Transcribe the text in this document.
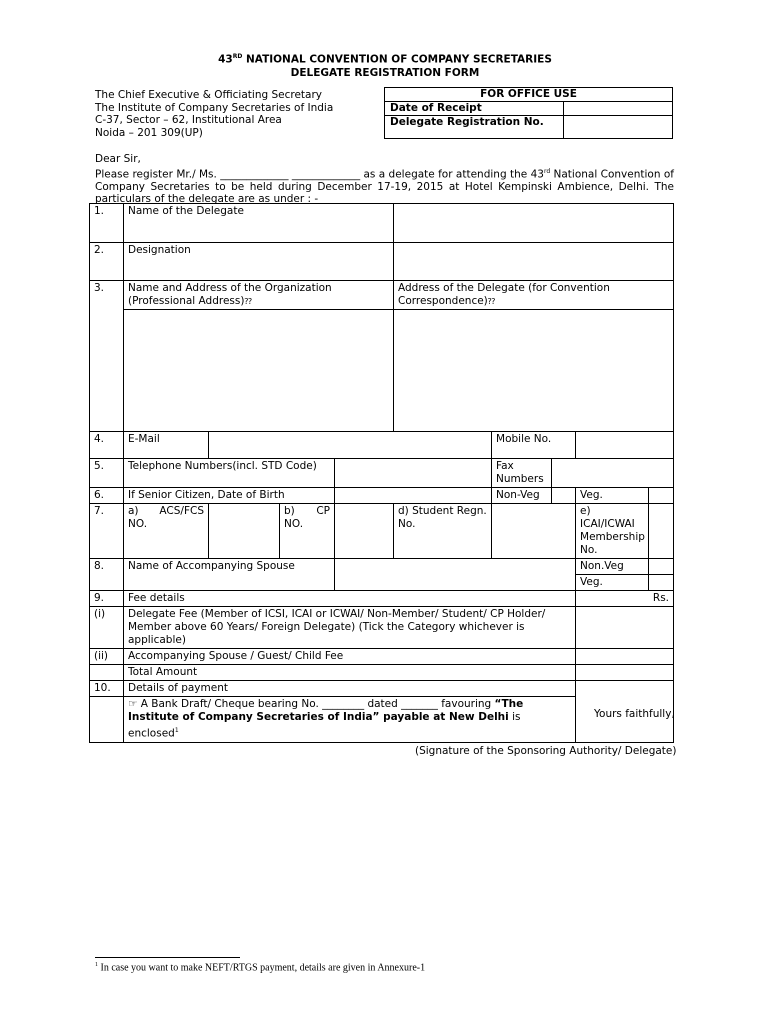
43RD NATIONAL CONVENTION OF COMPANY SECRETARIES
DELEGATE REGISTRATION FORM
The Chief Executive & Officiating Secretary
The Institute of Company Secretaries of India
C-37, Sector – 62, Institutional Area
Noida – 201 309(UP)
FOR OFFICE USE	
Date of Receipt	
Delegate Registration No.	
Dear Sir,
Please register Mr./ Ms. _____________ _____________ as a delegate for attending the 43rd National Convention of Company Secretaries to be held during December 17-19, 2015 at Hotel Kempinski Ambience, Delhi. The particulars of the delegate are as under : -
1.	Name of the Delegate								
2.	Designation								
3.	Name and Address of the Organization (Professional Address)⁇				Address of the Delegate (for Convention Correspondence)⁇				

4.	E-Mail					Mobile No.			
5.	Telephone Numbers(incl. STD Code)					Fax Numbers			
6.	If Senior Citizen, Date of Birth					Non-Veg		Veg.	
7.	a) ACS/FCS NO.		b) CP NO.		d) Student Regn. No.			e) ICAI/ICWAI Membership No.	
8.	Name of Accompanying Spouse							Non.Veg	
								Veg.	
9.	Fee details							Rs.	
(i)	Delegate Fee (Member of ICSI, ICAI or ICWAI/ Non-Member/ Student/ CP Holder/ Member above 60 Years/ Foreign Delegate) (Tick the Category whichever is applicable)								
(ii)	Accompanying Spouse / Guest/ Child Fee								
	Total Amount								
10.	Details of payment								
	☞ A Bank Draft/ Cheque bearing No. ________ dated _______ favouring “The Institute of Company Secretaries of India” payable at New Delhi is enclosed$^1$
Yours faithfully,
(Signature of the Sponsoring Authority/ Delegate)
$^1$ In case you want to make NEFT/RTGS payment, details are given in Annexure-1
